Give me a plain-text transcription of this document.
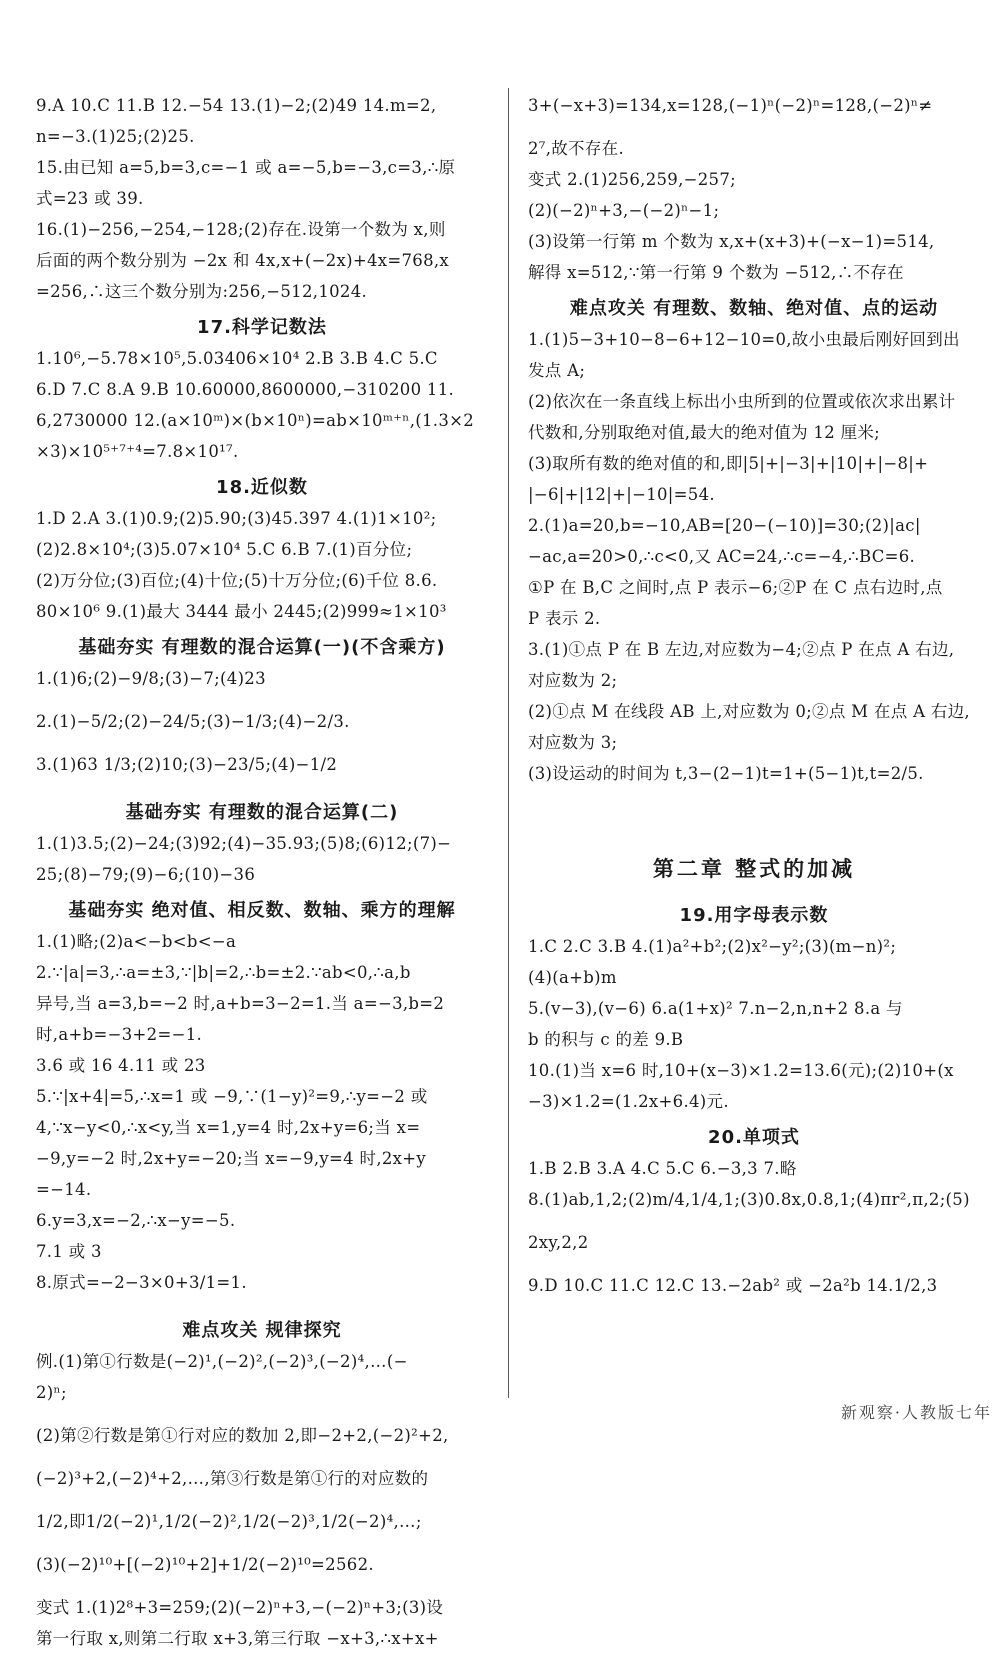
9.A 10.C 11.B 12.−54 13.(1)−2;(2)49 14.m=2,
n=−3.(1)25;(2)25.
15.由已知 a=5,b=3,c=−1 或 a=−5,b=−3,c=3,∴原
式=23 或 39.
16.(1)−256,−254,−128;(2)存在.设第一个数为 x,则
后面的两个数分别为 −2x 和 4x,x+(−2x)+4x=768,x
=256,∴这三个数分别为:256,−512,1024.
17.科学记数法
1.10⁶,−5.78×10⁵,5.03406×10⁴ 2.B 3.B 4.C 5.C
6.D 7.C 8.A 9.B 10.60000,8600000,−310200 11.
6,2730000 12.(a×10ᵐ)×(b×10ⁿ)=ab×10ᵐ⁺ⁿ,(1.3×2
×3)×10⁵⁺⁷⁺⁴=7.8×10¹⁷.
18.近似数
1.D 2.A 3.(1)0.9;(2)5.90;(3)45.397 4.(1)1×10²;
(2)2.8×10⁴;(3)5.07×10⁴ 5.C 6.B 7.(1)百分位;
(2)万分位;(3)百位;(4)十位;(5)十万分位;(6)千位 8.6.
80×10⁶ 9.(1)最大 3444 最小 2445;(2)999≈1×10³
基础夯实 有理数的混合运算(一)(不含乘方)
1.(1)6;(2)−9/8;(3)−7;(4)23
2.(1)−5/2;(2)−24/5;(3)−1/3;(4)−2/3.
3.(1)63 1/3;(2)10;(3)−23/5;(4)−1/2
基础夯实 有理数的混合运算(二)
1.(1)3.5;(2)−24;(3)92;(4)−35.93;(5)8;(6)12;(7)−
25;(8)−79;(9)−6;(10)−36
基础夯实 绝对值、相反数、数轴、乘方的理解
1.(1)略;(2)a<−b<b<−a
2.∵|a|=3,∴a=±3,∵|b|=2,∴b=±2.∵ab<0,∴a,b
异号,当 a=3,b=−2 时,a+b=3−2=1.当 a=−3,b=2
时,a+b=−3+2=−1.
3.6 或 16 4.11 或 23
5.∵|x+4|=5,∴x=1 或 −9,∵(1−y)²=9,∴y=−2 或
4,∵x−y<0,∴x<y,当 x=1,y=4 时,2x+y=6;当 x=
−9,y=−2 时,2x+y=−20;当 x=−9,y=4 时,2x+y
=−14.
6.y=3,x=−2,∴x−y=−5.
7.1 或 3
8.原式=−2−3×0+3/1=1.
难点攻关 规律探究
例.(1)第①行数是(−2)¹,(−2)²,(−2)³,(−2)⁴,…(−
2)ⁿ;
(2)第②行数是第①行对应的数加 2,即−2+2,(−2)²+2,
(−2)³+2,(−2)⁴+2,…,第③行数是第①行的对应数的
1/2,即1/2(−2)¹,1/2(−2)²,1/2(−2)³,1/2(−2)⁴,…;
(3)(−2)¹⁰+[(−2)¹⁰+2]+1/2(−2)¹⁰=2562.
变式 1.(1)2⁸+3=259;(2)(−2)ⁿ+3,−(−2)ⁿ+3;(3)设
第一行取 x,则第二行取 x+3,第三行取 −x+3,∴x+x+
3+(−x+3)=134,x=128,(−1)ⁿ(−2)ⁿ=128,(−2)ⁿ≠
2⁷,故不存在.
变式 2.(1)256,259,−257;
(2)(−2)ⁿ+3,−(−2)ⁿ−1;
(3)设第一行第 m 个数为 x,x+(x+3)+(−x−1)=514,
解得 x=512,∵第一行第 9 个数为 −512,∴不存在
难点攻关 有理数、数轴、绝对值、点的运动
1.(1)5−3+10−8−6+12−10=0,故小虫最后刚好回到出
发点 A;
(2)依次在一条直线上标出小虫所到的位置或依次求出累计
代数和,分别取绝对值,最大的绝对值为 12 厘米;
(3)取所有数的绝对值的和,即|5|+|−3|+|10|+|−8|+
|−6|+|12|+|−10|=54.
2.(1)a=20,b=−10,AB=[20−(−10)]=30;(2)|ac|
−ac,a=20>0,∴c<0,又 AC=24,∴c=−4,∴BC=6.
①P 在 B,C 之间时,点 P 表示−6;②P 在 C 点右边时,点
P 表示 2.
3.(1)①点 P 在 B 左边,对应数为−4;②点 P 在点 A 右边,
对应数为 2;
(2)①点 M 在线段 AB 上,对应数为 0;②点 M 在点 A 右边,
对应数为 3;
(3)设运动的时间为 t,3−(2−1)t=1+(5−1)t,t=2/5.
第二章 整式的加减
19.用字母表示数
1.C 2.C 3.B 4.(1)a²+b²;(2)x²−y²;(3)(m−n)²;
(4)(a+b)m
5.(v−3),(v−6) 6.a(1+x)² 7.n−2,n,n+2 8.a 与
b 的积与 c 的差 9.B
10.(1)当 x=6 时,10+(x−3)×1.2=13.6(元);(2)10+(x
−3)×1.2=(1.2x+6.4)元.
20.单项式
1.B 2.B 3.A 4.C 5.C 6.−3,3 7.略
8.(1)ab,1,2;(2)m/4,1/4,1;(3)0.8x,0.8,1;(4)πr²,π,2;(5)
2xy,2,2
9.D 10.C 11.C 12.C 13.−2ab² 或 −2a²b 14.1/2,3
新观察·人教版七年
